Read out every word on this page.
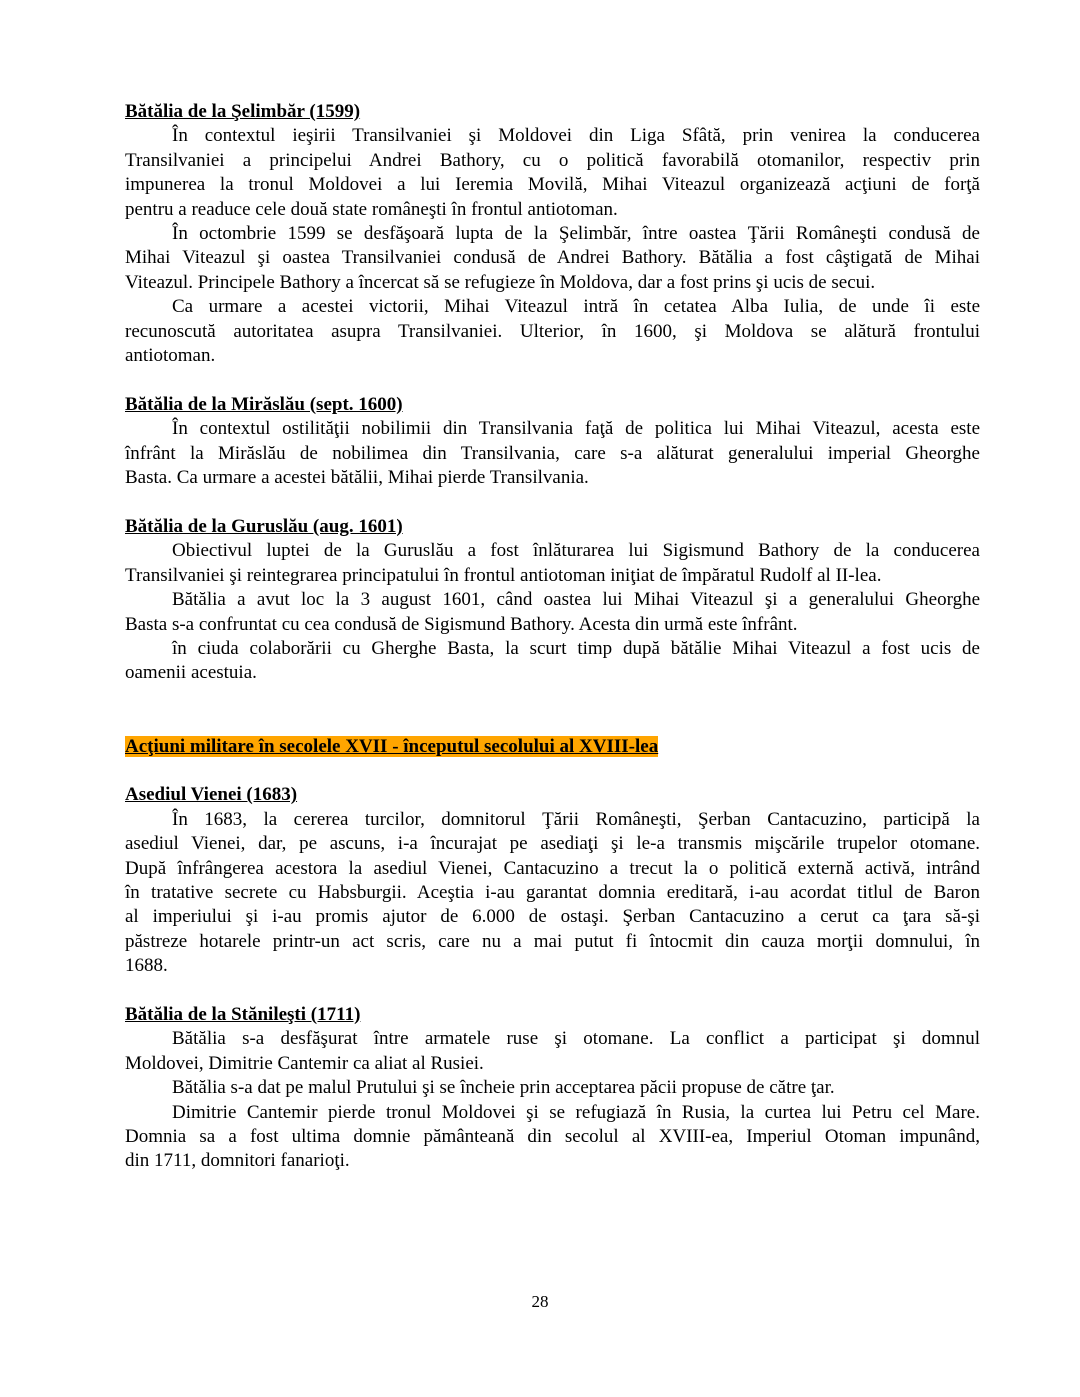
Bătălia de la Şelimbăr (1599)
În contextul ieşirii Transilvaniei şi Moldovei din Liga Sfâtă, prin venirea la conducerea
Transilvaniei a principelui Andrei Bathory, cu o politică favorabilă otomanilor, respectiv prin
impunerea la tronul Moldovei a lui Ieremia Movilă, Mihai Viteazul organizează acţiuni de forţă
pentru a readuce cele două state româneşti în frontul antiotoman.
În octombrie 1599 se desfăşoară lupta de la Şelimbăr, între oastea Ţării Româneşti condusă de
Mihai Viteazul şi oastea Transilvaniei condusă de Andrei Bathory. Bătălia a fost câştigată de Mihai
Viteazul. Principele Bathory a încercat să se refugieze în Moldova, dar a fost prins şi ucis de secui.
Ca urmare a acestei victorii, Mihai Viteazul intră în cetatea Alba Iulia, de unde îi este
recunoscută autoritatea asupra Transilvaniei. Ulterior, în 1600, şi Moldova se alătură frontului
antiotoman.
Bătălia de la Mirăslău (sept. 1600)
În contextul ostilităţii nobilimii din Transilvania faţă de politica lui Mihai Viteazul, acesta este
înfrânt la Mirăslău de nobilimea din Transilvania, care s-a alăturat generalului imperial Gheorghe
Basta. Ca urmare a acestei bătălii, Mihai pierde Transilvania.
Bătălia de la Guruslău (aug. 1601)
Obiectivul luptei de la Guruslău a fost înlăturarea lui Sigismund Bathory de la conducerea
Transilvaniei şi reintegrarea principatului în frontul antiotoman iniţiat de împăratul Rudolf al II-lea.
Bătălia a avut loc la 3 august 1601, când oastea lui Mihai Viteazul şi a generalului Gheorghe
Basta s-a confruntat cu cea condusă de Sigismund Bathory. Acesta din urmă este înfrânt.
în ciuda colaborării cu Gherghe Basta, la scurt timp după bătălie Mihai Viteazul a fost ucis de
oamenii acestuia.
Acţiuni militare în secolele XVII - începutul secolului al XVIII-lea
Asediul Vienei (1683)
În 1683, la cererea turcilor, domnitorul Ţării Româneşti, Şerban Cantacuzino, participă la
asediul Vienei, dar, pe ascuns, i-a încurajat pe asediaţi şi le-a transmis mişcările trupelor otomane.
După înfrângerea acestora la asediul Vienei, Cantacuzino a trecut la o politică externă activă, intrând
în tratative secrete cu Habsburgii. Aceştia i-au garantat domnia ereditară, i-au acordat titlul de Baron
al imperiului şi i-au promis ajutor de 6.000 de ostaşi. Şerban Cantacuzino a cerut ca ţara să-şi
păstreze hotarele printr-un act scris, care nu a mai putut fi întocmit din cauza morţii domnului, în
1688.
Bătălia de la Stănileşti (1711)
Bătălia s-a desfăşurat între armatele ruse şi otomane. La conflict a participat şi domnul
Moldovei, Dimitrie Cantemir ca aliat al Rusiei.
Bătălia s-a dat pe malul Prutului şi se încheie prin acceptarea păcii propuse de către ţar.
Dimitrie Cantemir pierde tronul Moldovei şi se refugiază în Rusia, la curtea lui Petru cel Mare.
Domnia sa a fost ultima domnie pământeană din secolul al XVIII-ea, Imperiul Otoman impunând,
din 1711, domnitori fanarioţi.
28
